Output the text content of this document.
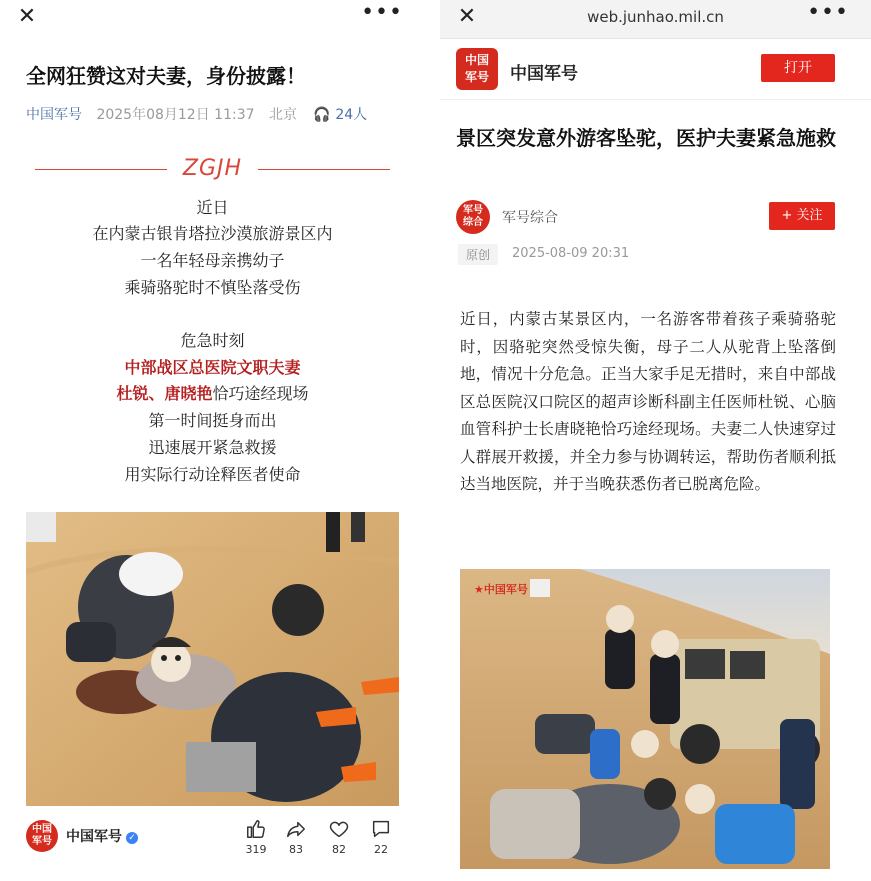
✕	•••
全网狂赞这对夫妻，身份披露！
中国军号 2025年08月12日 11:37 北京 🎧 24人
ZGJH
近日
在内蒙古银肯塔拉沙漠旅游景区内
一名年轻母亲携幼子
乘骑骆驼时不慎坠落受伤
危急时刻
中部战区总医院文职夫妻
杜锐、唐晓艳恰巧途经现场
第一时间挺身而出
迅速展开紧急救援
用实际行动诠释医者使命
中国
军号	中国军号 ✓
319	83	82	22
✕	web.junhao.mil.cn	•••
中国
军号	中国军号	打开
景区突发意外游客坠驼，医护夫妻紧急施救
军号
综合	军号综合	+ 关注
原创	2025-08-09 20:31
近日，内蒙古某景区内，一名游客带着孩子乘骑骆驼时，因骆驼突然受惊失衡，母子二人从驼背上坠落倒地，情况十分危急。正当大家手足无措时，来自中部战区总医院汉口院区的超声诊断科副主任医师杜锐、心脑血管科护士长唐晓艳恰巧途经现场。夫妻二人快速穿过人群展开救援，并全力参与协调转运，帮助伤者顺利抵达当地医院，并于当晚获悉伤者已脱离危险。
★中国军号
